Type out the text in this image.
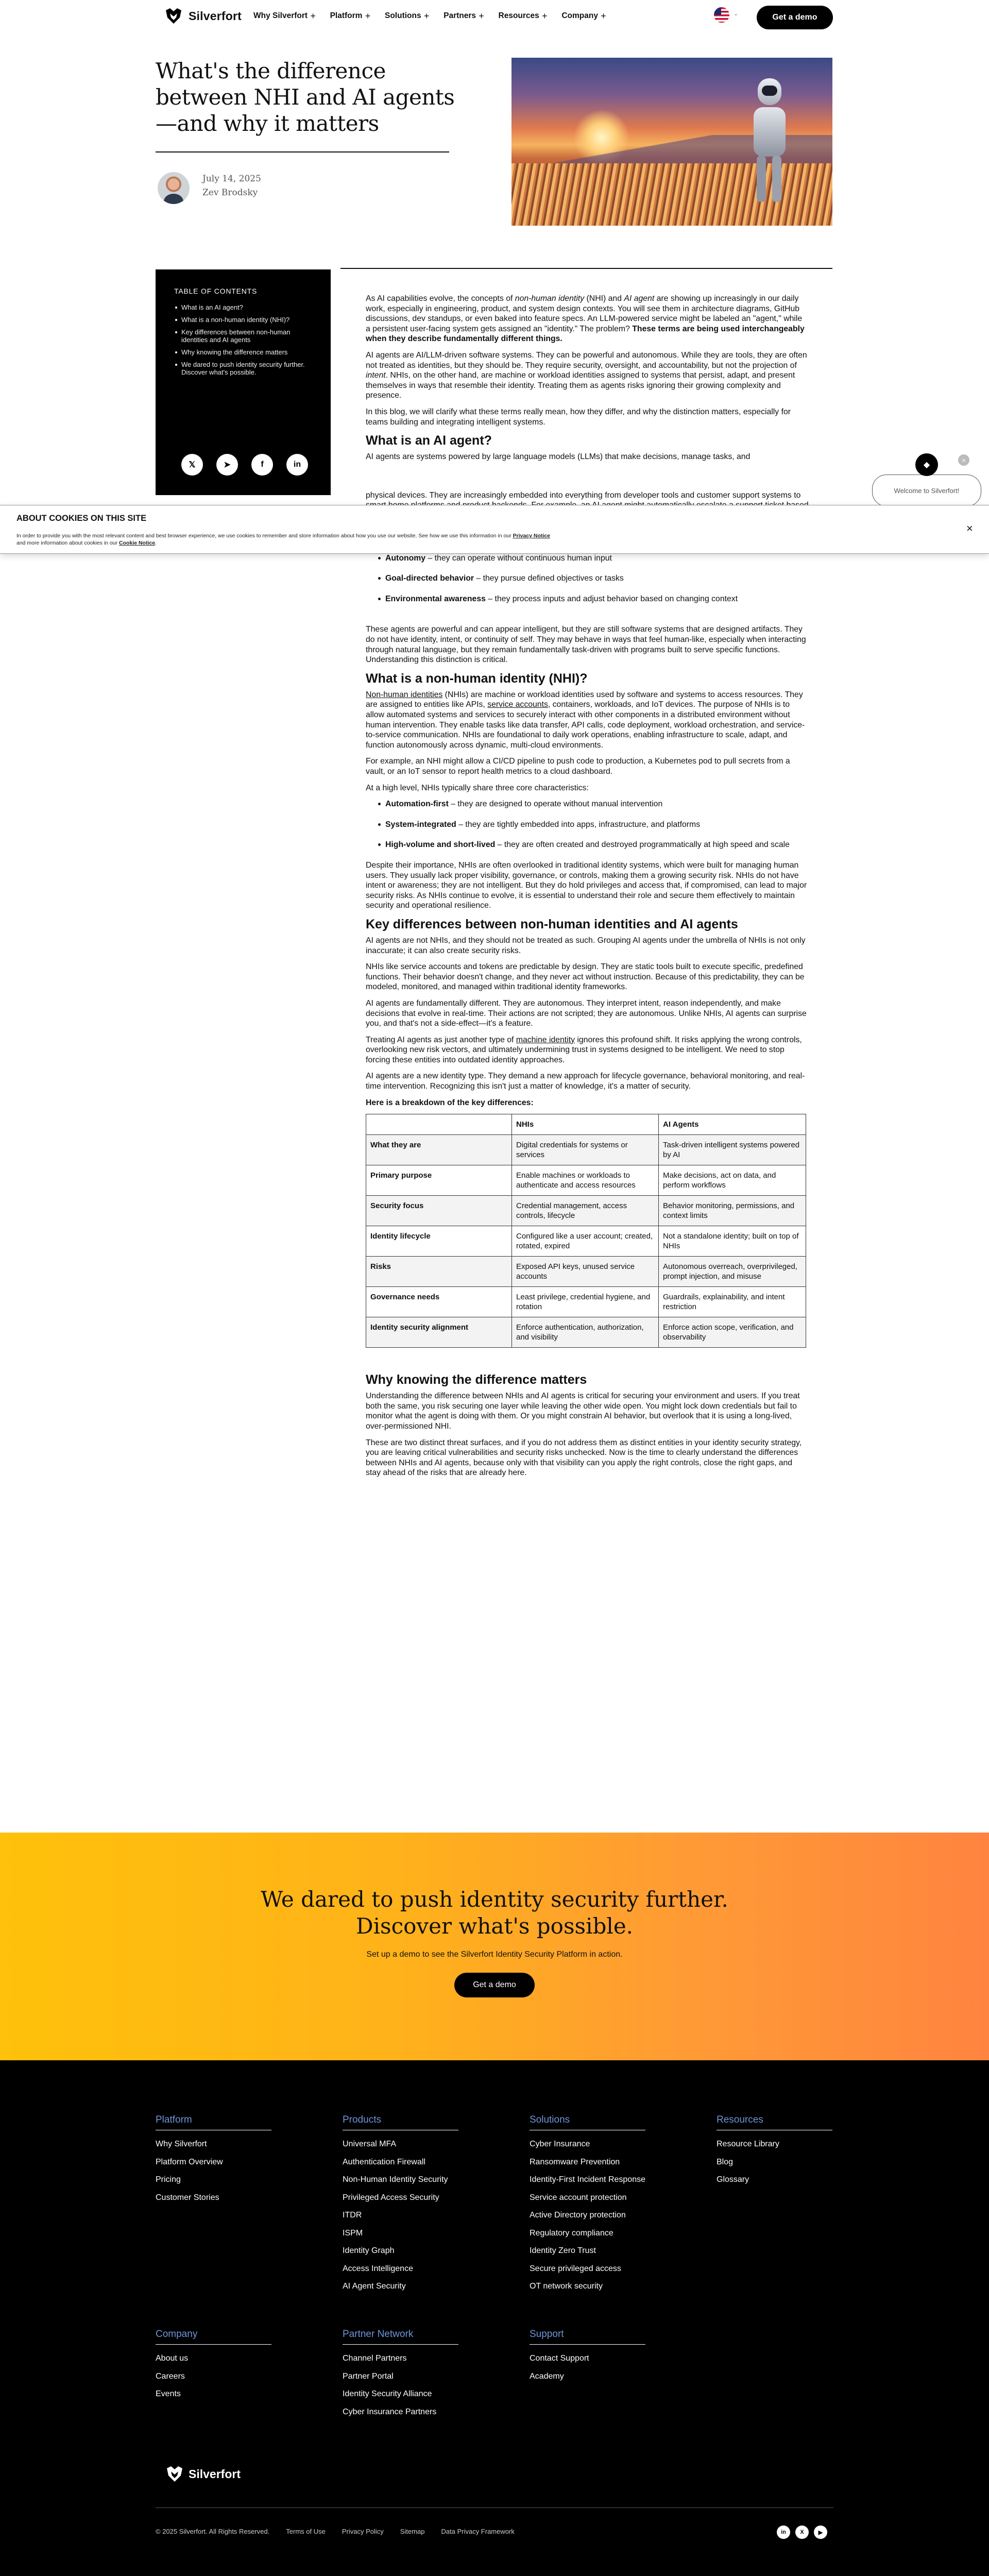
Silverfort Why Silverfort + Platform + Solutions + Partners + Resources + Company +	⌄	Get a demo
What's the difference between NHI and AI agents—and why it matters
July 14, 2025
Zev Brodsky
TABLE OF CONTENTS
What is an AI agent?
What is a non-human identity (NHI)?
Key differences between non-human identities and AI agents
Why knowing the difference matters
We dared to push identity security further. Discover what's possible.
𝕏	➤	f	in

As AI capabilities evolve, the concepts of non-human identity (NHI) and AI agent are showing up increasingly in our daily work, especially in engineering, product, and system design contexts. You will see them in architecture diagrams, GitHub discussions, dev standups, or even baked into feature specs. An LLM-powered service might be labeled an "agent," while a persistent user-facing system gets assigned an "identity." The problem? These terms are being used interchangeably when they describe fundamentally different things.

AI agents are AI/LLM-driven software systems. They can be powerful and autonomous. While they are tools, they are often not treated as identities, but they should be. They require security, oversight, and accountability, but not the projection of intent. NHIs, on the other hand, are machine or workload identities assigned to systems that persist, adapt, and present themselves in ways that resemble their identity. Treating them as agents risks ignoring their growing complexity and presence.

In this blog, we will clarify what these terms really mean, how they differ, and why the distinction matters, especially for teams building and integrating intelligent systems.

What is an AI agent?

AI agents are systems powered by large language models (LLMs) that make decisions, manage tasks, and

physical devices. They are increasingly embedded into everything from developer tools and customer support systems to

Autonomy – they can operate without continuous human input
Goal-directed behavior – they pursue defined objectives or tasks
Environmental awareness – they process inputs and adjust behavior based on changing context

These agents are powerful and can appear intelligent, but they are still software systems that are designed artifacts. They do not have identity, intent, or continuity of self. They may behave in ways that feel human-like, especially when interacting through natural language, but they remain fundamentally task-driven with programs built to serve specific functions. Understanding this distinction is critical.

What is a non-human identity (NHI)?

Non-human identities (NHIs) are machine or workload identities used by software and systems to access resources. They are assigned to entities like APIs, service accounts, containers, workloads, and IoT devices. The purpose of NHIs is to allow automated systems and services to securely interact with other components in a distributed environment without human intervention. They enable tasks like data transfer, API calls, code deployment, workload orchestration, and service-to-service communication. NHIs are foundational to daily work operations, enabling infrastructure to scale, adapt, and function autonomously across dynamic, multi-cloud environments.

For example, an NHI might allow a CI/CD pipeline to push code to production, a Kubernetes pod to pull secrets from a vault, or an IoT sensor to report health metrics to a cloud dashboard.

At a high level, NHIs typically share three core characteristics:

Automation-first – they are designed to operate without manual intervention
System-integrated – they are tightly embedded into apps, infrastructure, and platforms
High-volume and short-lived – they are often created and destroyed programmatically at high speed and scale

Despite their importance, NHIs are often overlooked in traditional identity systems, which were built for managing human users. They usually lack proper visibility, governance, or controls, making them a growing security risk. NHIs do not have intent or awareness; they are not intelligent. But they do hold privileges and access that, if compromised, can lead to major security risks. As NHIs continue to evolve, it is essential to understand their role and secure them effectively to maintain security and operational resilience.

Key differences between non-human identities and AI agents

AI agents are not NHIs, and they should not be treated as such. Grouping AI agents under the umbrella of NHIs is not only inaccurate; it can also create security risks.

NHIs like service accounts and tokens are predictable by design. They are static tools built to execute specific, predefined functions. Their behavior doesn't change, and they never act without instruction. Because of this predictability, they can be modeled, monitored, and managed within traditional identity frameworks.

AI agents are fundamentally different. They are autonomous. They interpret intent, reason independently, and make decisions that evolve in real-time. Their actions are not scripted; they are autonomous. Unlike NHIs, AI agents can surprise you, and that's not a side-effect—it's a feature.

Treating AI agents as just another type of machine identity ignores this profound shift. It risks applying the wrong controls, overlooking new risk vectors, and ultimately undermining trust in systems designed to be intelligent. We need to stop forcing these entities into outdated identity approaches.

AI agents are a new identity type. They demand a new approach for lifecycle governance, behavioral monitoring, and real-time intervention. Recognizing this isn't just a matter of knowledge, it's a matter of security.

Here is a breakdown of the key differences:

	NHIs	AI Agents
What they are	Digital credentials for systems or services	Task-driven intelligent systems powered by AI
Primary purpose	Enable machines or workloads to authenticate and access resources	Make decisions, act on data, and perform workflows
Security focus	Credential management, access controls, lifecycle	Behavior monitoring, permissions, and context limits
Identity lifecycle	Configured like a user account; created, rotated, expired	Not a standalone identity; built on top of NHIs
Risks	Exposed API keys, unused service accounts	Autonomous overreach, overprivileged, prompt injection, and misuse
Governance needs	Least privilege, credential hygiene, and rotation	Guardrails, explainability, and intent restriction
Identity security alignment	Enforce authentication, authorization, and visibility	Enforce action scope, verification, and observability
Why knowing the difference matters

Understanding the difference between NHIs and AI agents is critical for securing your environment and users. If you treat both the same, you risk securing one layer while leaving the other wide open. You might lock down credentials but fail to monitor what the agent is doing with them. Or you might constrain AI behavior, but overlook that it is using a long-lived, over-permissioned NHI.

These are two distinct threat surfaces, and if you do not address them as distinct entities in your identity security strategy, you are leaving critical vulnerabilities and security risks unchecked. Now is the time to clearly understand the differences between NHIs and AI agents, because only with that visibility can you apply the right controls, close the right gaps, and stay ahead of the risks that are already here.

Welcome to Silverfort!
◆
×
ABOUT COOKIES ON THIS SITE

In order to provide you with the most relevant content and best browser experience, we use cookies to remember and store information about how you use our website. See how we use this information in our Privacy Notice and more information about cookies in our Cookie Notice.

×
We dared to push identity security further.
Discover what's possible.

Set up a demo to see the Silverfort Identity Security Platform in action.

Get a demo
Platform
Why Silverfort
Platform Overview
Pricing
Customer Stories
Products
Universal MFA
Authentication Firewall
Non-Human Identity Security
Privileged Access Security
ITDR
ISPM
Identity Graph
Access Intelligence
AI Agent Security
Solutions
Cyber Insurance
Ransomware Prevention
Identity-First Incident Response
Service account protection
Active Directory protection
Regulatory compliance
Identity Zero Trust
Secure privileged access
OT network security
Resources
Resource Library
Blog
Glossary
Company
About us
Careers
Events
Partner Network
Channel Partners
Partner Portal
Identity Security Alliance
Cyber Insurance Partners
Support
Contact Support
Academy
Silverfort
© 2025 Silverfort. All Rights Reserved. Terms of Use Privacy Policy Sitemap Data Privacy Framework	in	X	▶
